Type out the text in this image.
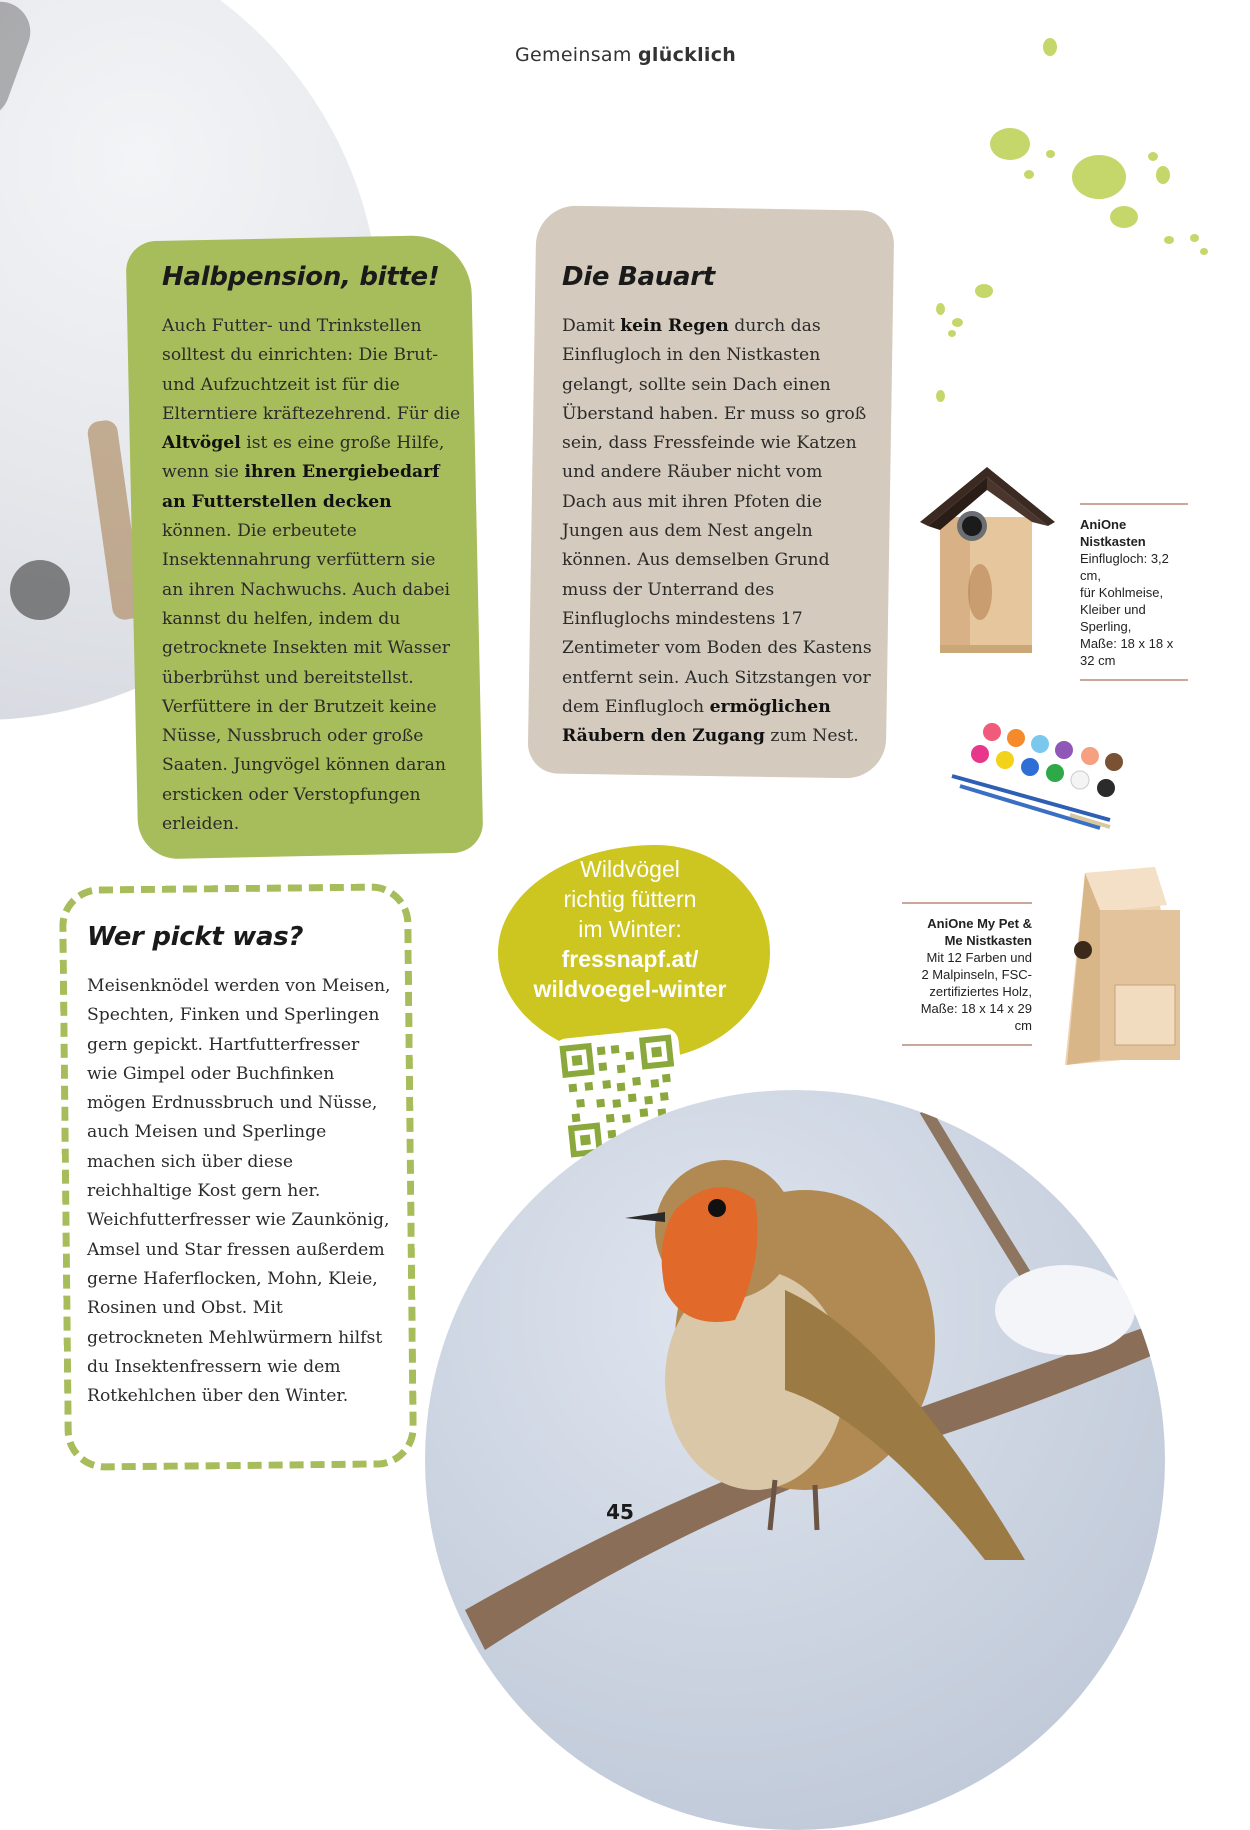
Gemeinsam glücklich
Halbpension, bitte!

Auch Futter- und Trinkstellen solltest du einrichten: Die Brut- und Aufzuchtzeit ist für die Elterntiere kräftezehrend. Für die Altvögel ist es eine große Hilfe, wenn sie ihren Energiebedarf an Futterstellen decken können. Die erbeutete Insektennahrung verfüttern sie an ihren Nachwuchs. Auch dabei kannst du helfen, indem du getrocknete Insekten mit Wasser überbrühst und bereitstellst. Verfüttere in der Brutzeit keine Nüsse, Nussbruch oder große Saaten. Jungvögel können daran ersticken oder Verstopfungen erleiden.

Die Bauart

Damit kein Regen durch das Einflugloch in den Nistkasten gelangt, sollte sein Dach einen Überstand haben. Er muss so groß sein, dass Fressfeinde wie Katzen und andere Räuber nicht vom Dach aus mit ihren Pfoten die Jungen aus dem Nest angeln können. Aus demselben Grund muss der Unterrand des Einfluglochs mindestens 17 Zentimeter vom Boden des Kastens entfernt sein. Auch Sitzstangen vor dem Einflugloch ermöglichen Räubern den Zugang zum Nest.

Wer pickt was?

Meisenknödel werden von Meisen, Spechten, Finken und Sperlingen gern gepickt. Hartfutterfresser wie Gimpel oder Buchfinken mögen Erdnussbruch und Nüsse, auch Meisen und Sperlinge machen sich über diese reichhaltige Kost gern her. Weichfutterfresser wie Zaunkönig, Amsel und Star fressen außerdem gerne Haferflocken, Mohn, Kleie, Rosinen und Obst. Mit getrockneten Mehlwürmern hilfst du Insektenfressern wie dem Rotkehlchen über den Winter.

AniOne
Nistkasten
Einflugloch: 3,2 cm,
für Kohlmeise,
Kleiber und Sperling,
Maße: 18 x 18 x 32 cm
AniOne My Pet &
Me Nistkasten
Mit 12 Farben und
2 Malpinseln, FSC-
zertifiziertes Holz,
Maße: 18 x 14 x 29 cm
Wildvögel
richtig füttern
im Winter:
fressnapf.at/
wildvoegel-winter
45
